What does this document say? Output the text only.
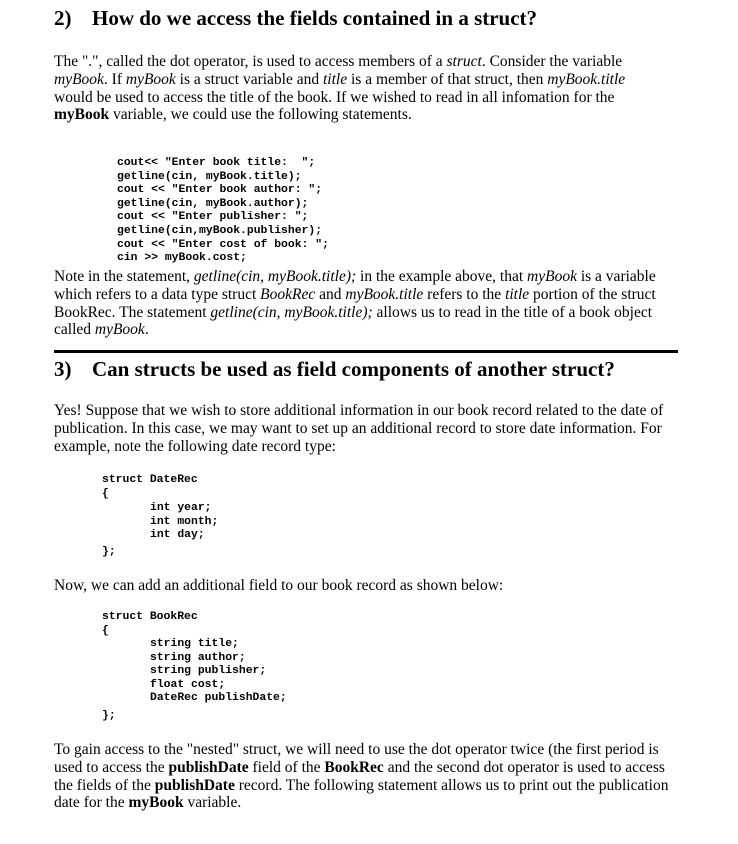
2) How do we access the fields contained in a struct?

The ".", called the dot operator, is used to access members of a struct. Consider the variable myBook. If myBook is a struct variable and title is a member of that struct, then myBook.title would be used to access the title of the book. If we wished to read in all infomation for the myBook variable, we could use the following statements.

cout<< "Enter book title:  ";
getline(cin, myBook.title);
cout << "Enter book author: ";
getline(cin, myBook.author);
cout << "Enter publisher: ";
getline(cin,myBook.publisher);
cout << "Enter cost of book: ";
cin >> myBook.cost;

Note in the statement, getline(cin, myBook.title); in the example above, that myBook is a variable which refers to a data type struct BookRec and myBook.title refers to the title portion of the struct BookRec. The statement getline(cin, myBook.title); allows us to read in the title of a book object called myBook.

3) Can structs be used as field components of another struct?

Yes! Suppose that we wish to store additional information in our book record related to the date of publication. In this case, we may want to set up an additional record to store date information. For example, note the following date record type:

struct DateRec
{
int year;
int month;
int day;
};

Now, we can add an additional field to our book record as shown below:

struct BookRec
{
string title;
string author;
string publisher;
float cost;
DateRec publishDate;
};

To gain access to the "nested" struct, we will need to use the dot operator twice (the first period is used to access the publishDate field of the BookRec and the second dot operator is used to access the fields of the publishDate record. The following statement allows us to print out the publication date for the myBook variable.
